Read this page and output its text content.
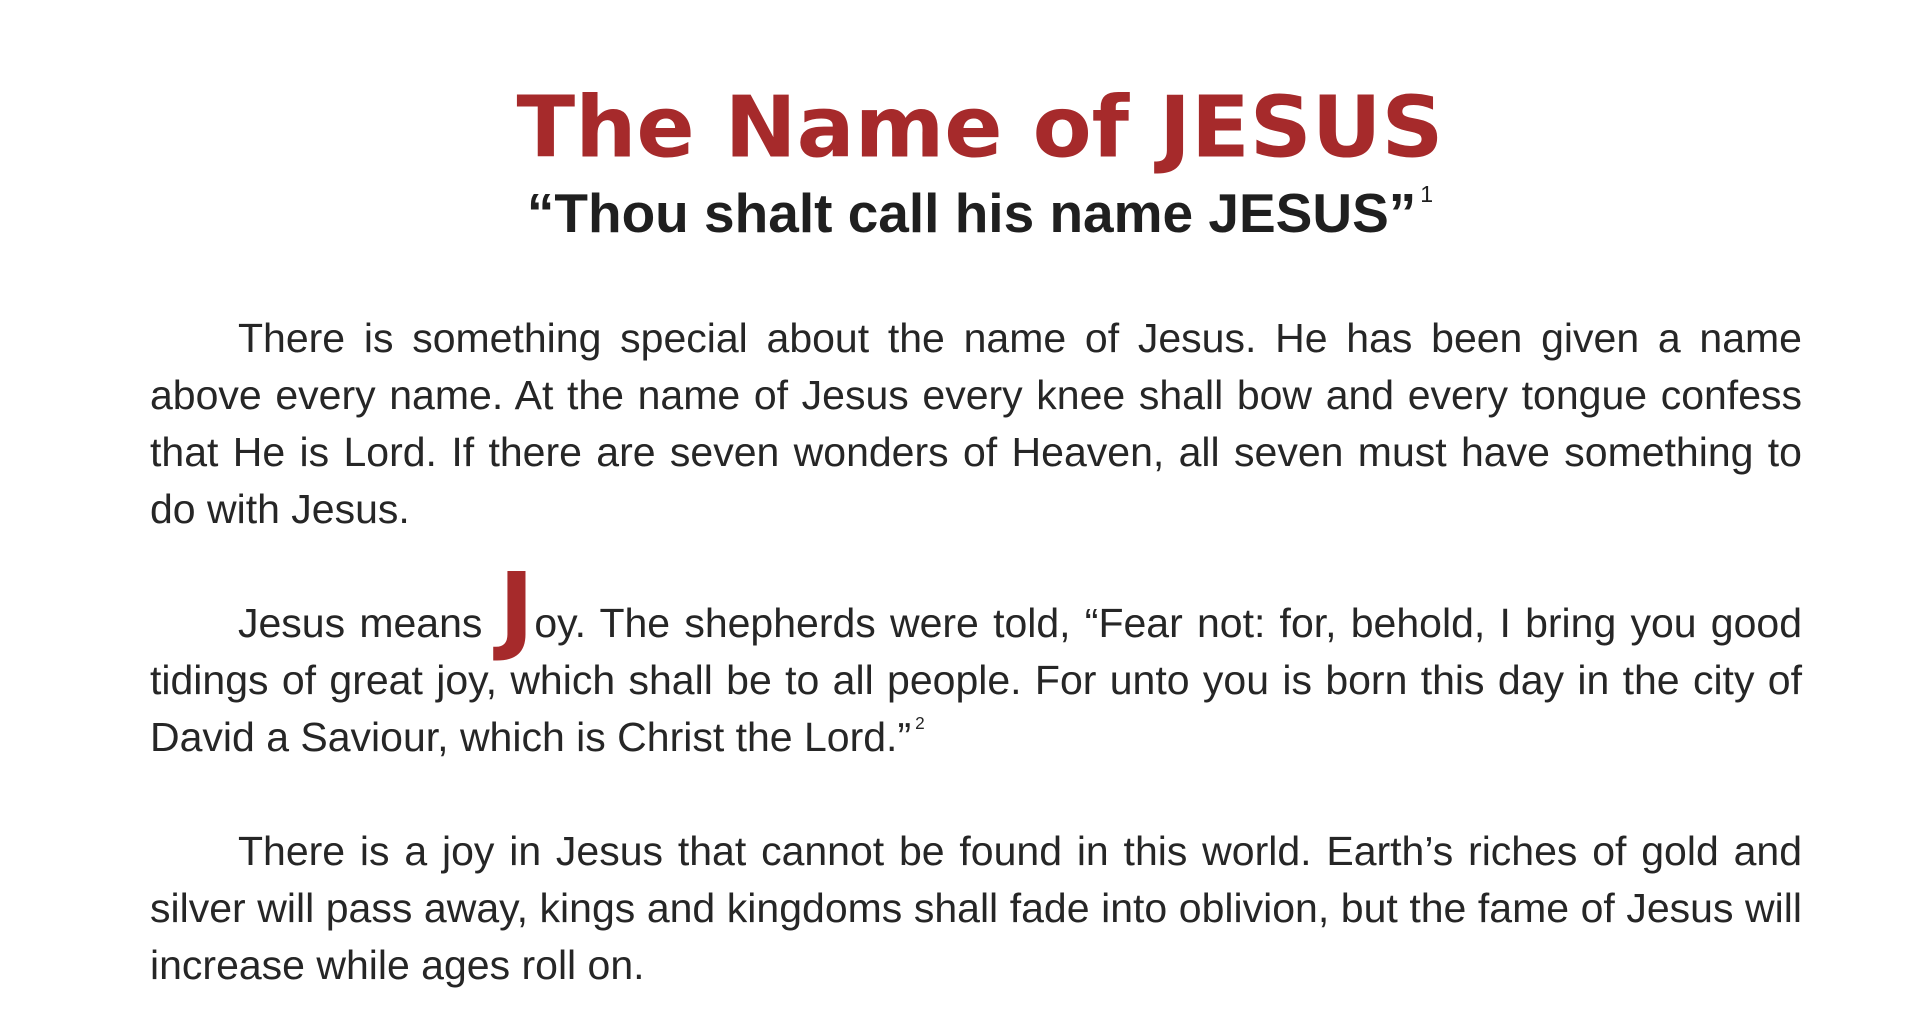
The Name of JESUS
“Thou shalt call his name JESUS” $^1$

There is something special about the name of Jesus. He has been given a name above every name. At the name of Jesus every knee shall bow and every tongue confess that He is Lord. If there are seven wonders of Heaven, all seven must have something to do with Jesus.

Jesus means Joy. The shepherds were told, “Fear not: for, behold, I bring you good tidings of great joy, which shall be to all people. For unto you is born this day in the city of David a Saviour, which is Christ the Lord.” $^2$

There is a joy in Jesus that cannot be found in this world. Earth’s riches of gold and silver will pass away, kings and kingdoms shall fade into oblivion, but the fame of Jesus will increase while ages roll on.
